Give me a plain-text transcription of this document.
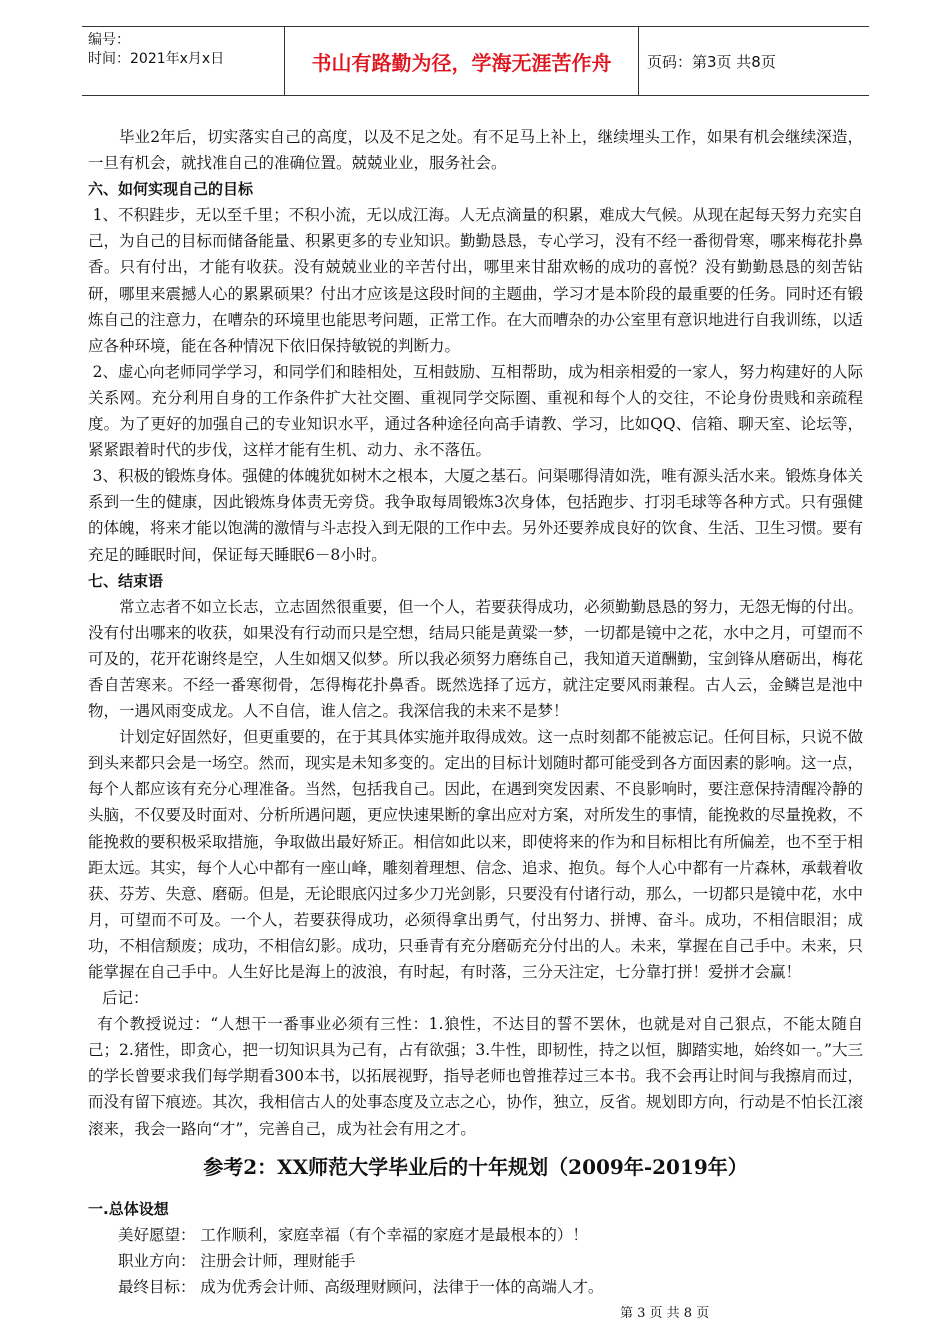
编号：
时间：2021年x月x日	书山有路勤为径，学海无涯苦作舟	页码：第3页 共8页

毕业2年后，切实落实自己的高度，以及不足之处。有不足马上补上，继续埋头工作，如果有机会继续深造，一旦有机会，就找准自己的准确位置。兢兢业业，服务社会。

六、如何实现自己的目标

1、不积跬步，无以至千里；不积小流，无以成江海。人无点滴量的积累，难成大气候。从现在起每天努力充实自己，为自己的目标而储备能量、积累更多的专业知识。勤勤恳恳，专心学习，没有不经一番彻骨寒，哪来梅花扑鼻香。只有付出，才能有收获。没有兢兢业业的辛苦付出，哪里来甘甜欢畅的成功的喜悦？没有勤勤恳恳的刻苦钻研，哪里来震撼人心的累累硕果？付出才应该是这段时间的主题曲，学习才是本阶段的最重要的任务。同时还有锻炼自己的注意力，在嘈杂的环境里也能思考问题，正常工作。在大而嘈杂的办公室里有意识地进行自我训练，以适应各种环境，能在各种情况下依旧保持敏锐的判断力。

2、虚心向老师同学学习，和同学们和睦相处，互相鼓励、互相帮助，成为相亲相爱的一家人，努力构建好的人际关系网。充分利用自身的工作条件扩大社交圈、重视同学交际圈、重视和每个人的交往，不论身份贵贱和亲疏程度。为了更好的加强自己的专业知识水平，通过各种途径向高手请教、学习，比如QQ、信箱、聊天室、论坛等，紧紧跟着时代的步伐，这样才能有生机、动力、永不落伍。

3、积极的锻炼身体。强健的体魄犹如树木之根本，大厦之基石。问渠哪得清如洗，唯有源头活水来。锻炼身体关系到一生的健康，因此锻炼身体责无旁贷。我争取每周锻炼3次身体，包括跑步、打羽毛球等各种方式。只有强健的体魄，将来才能以饱满的激情与斗志投入到无限的工作中去。另外还要养成良好的饮食、生活、卫生习惯。要有充足的睡眠时间，保证每天睡眠6－8小时。

七、结束语

常立志者不如立长志，立志固然很重要，但一个人，若要获得成功，必须勤勤恳恳的努力，无怨无悔的付出。没有付出哪来的收获，如果没有行动而只是空想，结局只能是黄粱一梦，一切都是镜中之花，水中之月，可望而不可及的，花开花谢终是空，人生如烟又似梦。所以我必须努力磨练自己，我知道天道酬勤，宝剑锋从磨砺出，梅花香自苦寒来。不经一番寒彻骨，怎得梅花扑鼻香。既然选择了远方，就注定要风雨兼程。古人云，金鳞岂是池中物，一遇风雨变成龙。人不自信，谁人信之。我深信我的未来不是梦！

计划定好固然好，但更重要的，在于其具体实施并取得成效。这一点时刻都不能被忘记。任何目标，只说不做到头来都只会是一场空。然而，现实是未知多变的。定出的目标计划随时都可能受到各方面因素的影响。这一点，每个人都应该有充分心理准备。当然，包括我自己。因此，在遇到突发因素、不良影响时，要注意保持清醒冷静的头脑，不仅要及时面对、分析所遇问题，更应快速果断的拿出应对方案，对所发生的事情，能挽救的尽量挽救，不能挽救的要积极采取措施，争取做出最好矫正。相信如此以来，即使将来的作为和目标相比有所偏差，也不至于相距太远。其实，每个人心中都有一座山峰，雕刻着理想、信念、追求、抱负。每个人心中都有一片森林，承载着收获、芬芳、失意、磨砺。但是，无论眼底闪过多少刀光剑影，只要没有付诸行动，那么，一切都只是镜中花，水中月，可望而不可及。一个人，若要获得成功，必须得拿出勇气，付出努力、拼博、奋斗。成功，不相信眼泪；成功，不相信颓废；成功，不相信幻影。成功，只垂青有充分磨砺充分付出的人。未来，掌握在自己手中。未来，只能掌握在自己手中。人生好比是海上的波浪，有时起，有时落，三分天注定，七分靠打拼！爱拼才会赢！

后记：

有个教授说过：“人想干一番事业必须有三性：1.狼性，不达目的誓不罢休，也就是对自己狠点，不能太随自己；2.猪性，即贪心，把一切知识具为己有，占有欲强；3.牛性，即韧性，持之以恒，脚踏实地，始终如一。”大三的学长曾要求我们每学期看300本书，以拓展视野，指导老师也曾推荐过三本书。我不会再让时间与我擦肩而过，而没有留下痕迹。其次，我相信古人的处事态度及立志之心，协作，独立，反省。规划即方向，行动是不怕长江滚滚来，我会一路向“才”，完善自己，成为社会有用之才。

参考2：XX师范大学毕业后的十年规划（2009年-2019年）
一.总体设想
美好愿望： 工作顺利，家庭幸福（有个幸福的家庭才是最根本的）！
职业方向： 注册会计师，理财能手
最终目标： 成为优秀会计师、高级理财顾问，法律于一体的高端人才。
第 3 页 共 8 页
